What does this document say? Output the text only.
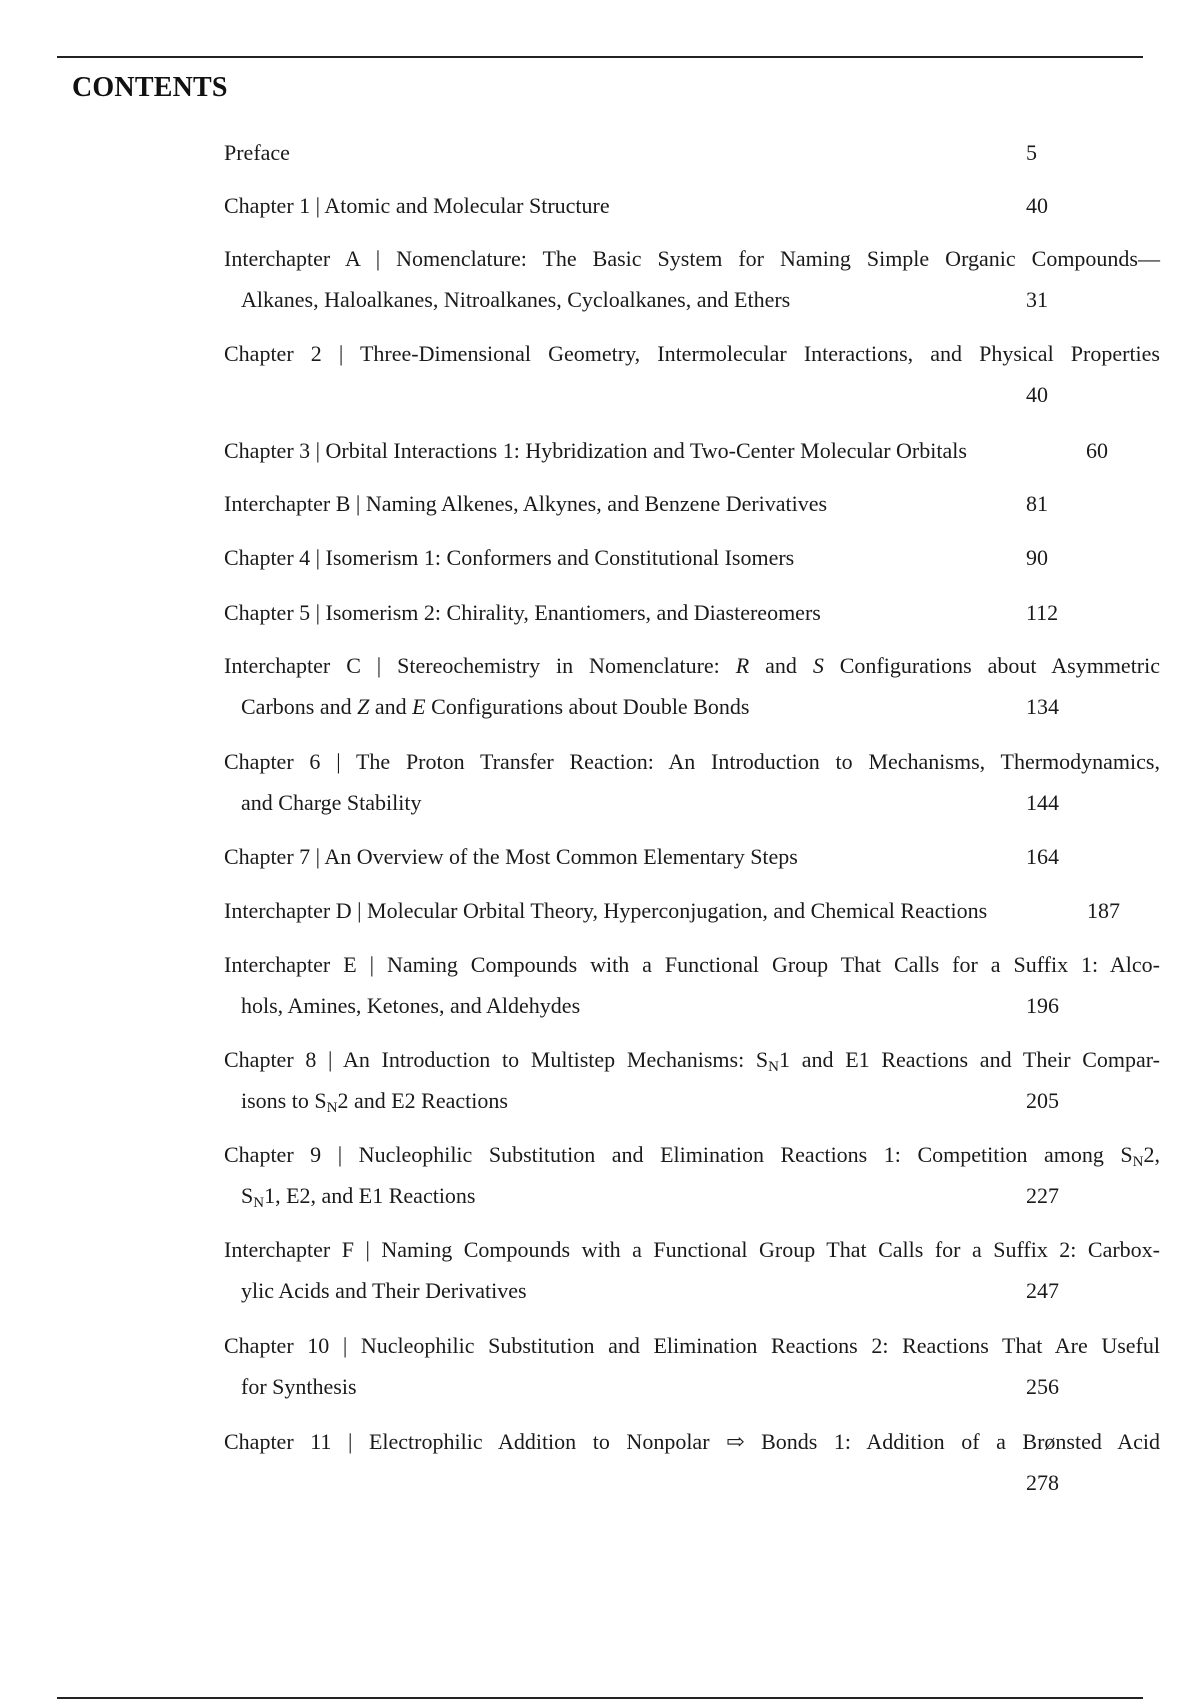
CONTENTS
Preface	5
Chapter 1 | Atomic and Molecular Structure	40
Interchapter A | Nomenclature: The Basic System for Naming Simple Organic Compounds—
Alkanes, Haloalkanes, Nitroalkanes, Cycloalkanes, and Ethers	31
Chapter 2 | Three-Dimensional Geometry, Intermolecular Interactions, and Physical Properties
40
Chapter 3 | Orbital Interactions 1: Hybridization and Two-Center Molecular Orbitals	60
Interchapter B | Naming Alkenes, Alkynes, and Benzene Derivatives	81
Chapter 4 | Isomerism 1: Conformers and Constitutional Isomers	90
Chapter 5 | Isomerism 2: Chirality, Enantiomers, and Diastereomers	112
Interchapter C | Stereochemistry in Nomenclature: R and S Configurations about Asymmetric
Carbons and Z and E Configurations about Double Bonds	134
Chapter 6 | The Proton Transfer Reaction: An Introduction to Mechanisms, Thermodynamics,
and Charge Stability	144
Chapter 7 | An Overview of the Most Common Elementary Steps	164
Interchapter D | Molecular Orbital Theory, Hyperconjugation, and Chemical Reactions	187
Interchapter E | Naming Compounds with a Functional Group That Calls for a Suffix 1: Alco-
hols, Amines, Ketones, and Aldehydes	196
Chapter 8 | An Introduction to Multistep Mechanisms: $S_N1$ and E1 Reactions and Their Compar-
isons to $S_N2$ and E2 Reactions	205
Chapter 9 | Nucleophilic Substitution and Elimination Reactions 1: Competition among $S_N2$,
$S_N1$, E2, and E1 Reactions	227
Interchapter F | Naming Compounds with a Functional Group That Calls for a Suffix 2: Carbox-
ylic Acids and Their Derivatives	247
Chapter 10 | Nucleophilic Substitution and Elimination Reactions 2: Reactions That Are Useful
for Synthesis	256
Chapter 11 | Electrophilic Addition to Nonpolar ⇨ Bonds 1: Addition of a Brønsted Acid
278
